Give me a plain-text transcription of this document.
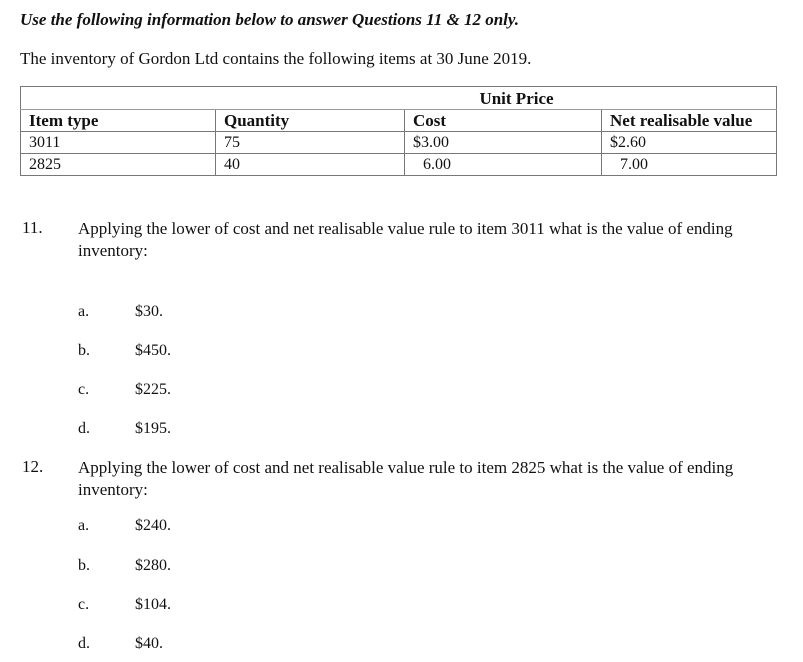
Use the following information below to answer Questions 11 & 12 only.
The inventory of Gordon Ltd contains the following items at 30 June 2019.
Unit Price			
Item type	Quantity	Cost	Net realisable value
3011	75	$3.00	$2.60
2825	40	6.00	7.00
11. Applying the lower of cost and net realisable value rule to item 3011 what is the value of ending inventory:
a.	$30.
b.	$450.
c.	$225.
d.	$195.
12. Applying the lower of cost and net realisable value rule to item 2825 what is the value of ending inventory:
a.	$240.
b.	$280.
c.	$104.
d.	$40.
